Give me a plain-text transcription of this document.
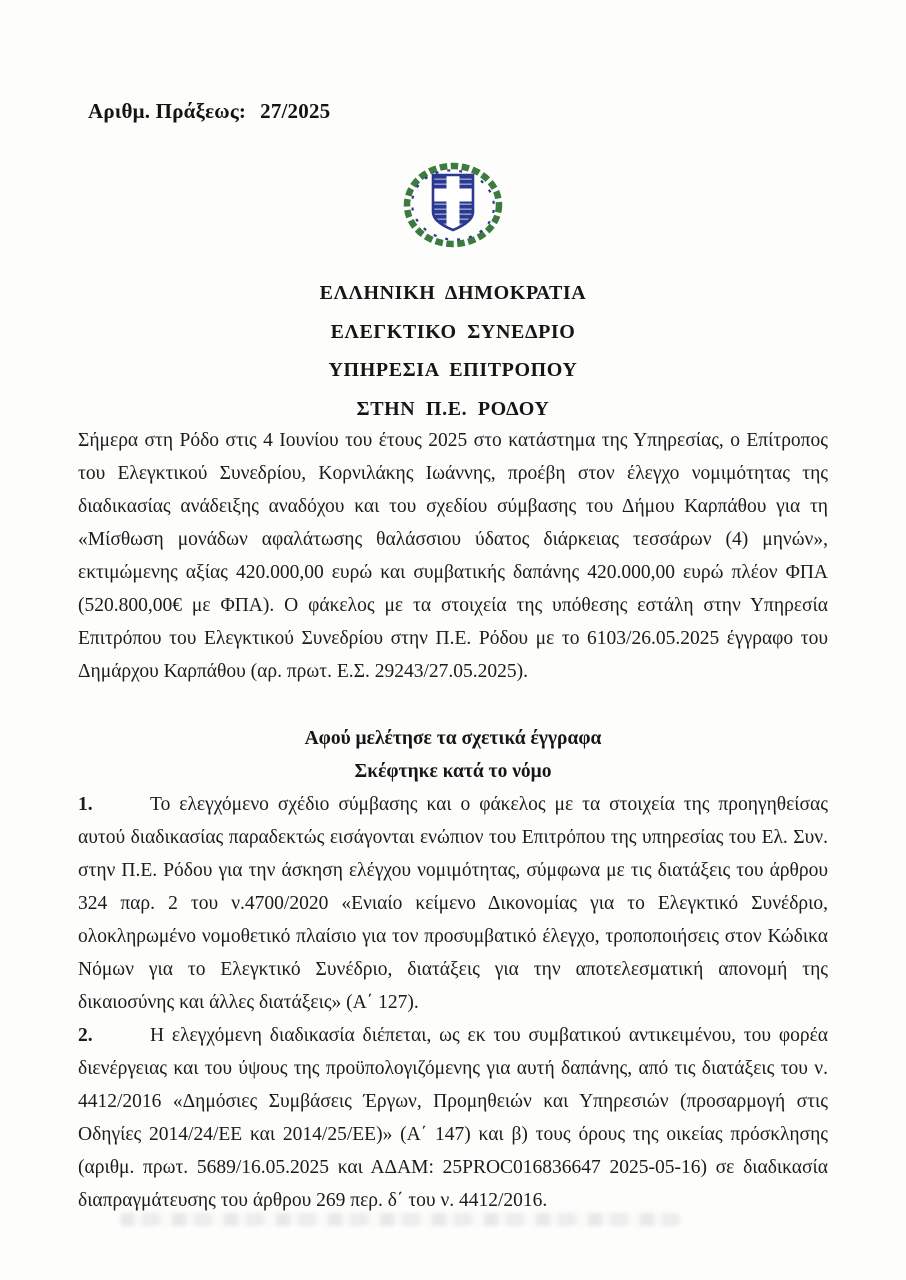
Αριθμ. Πράξεως: 27/2025
ΕΛΛΗΝΙΚΗ ΔΗΜΟΚΡΑΤΙΑ
ΕΛΕΓΚΤΙΚΟ ΣΥΝΕΔΡΙΟ
ΥΠΗΡΕΣΙΑ ΕΠΙΤΡΟΠΟΥ
ΣΤΗΝ Π.Ε. ΡΟΔΟΥ

Σήμερα στη Ρόδο στις 4 Ιουνίου του έτους 2025 στο κατάστημα της Υπηρεσίας, ο Επίτροπος του Ελεγκτικού Συνεδρίου, Κορνιλάκης Ιωάννης, προέβη στον έλεγχο νομιμότητας της διαδικασίας ανάδειξης αναδόχου και του σχεδίου σύμβασης του Δήμου Καρπάθου για τη «Μίσθωση μονάδων αφαλάτωσης θαλάσσιου ύδατος διάρκειας τεσσάρων (4) μηνών», εκτιμώμενης αξίας 420.000,00 ευρώ και συμβατικής δαπάνης 420.000,00 ευρώ πλέον ΦΠΑ (520.800,00€ με ΦΠΑ). Ο φάκελος με τα στοιχεία της υπόθεσης εστάλη στην Υπηρεσία Επιτρόπου του Ελεγκτικού Συνεδρίου στην Π.Ε. Ρόδου με το 6103/26.05.2025 έγγραφο του Δημάρχου Καρπάθου (αρ. πρωτ. Ε.Σ. 29243/27.05.2025).

Αφού μελέτησε τα σχετικά έγγραφα

Σκέφτηκε κατά το νόμο

1.	Το ελεγχόμενο σχέδιο σύμβασης και ο φάκελος με τα στοιχεία της προηγηθείσας αυτού διαδικασίας παραδεκτώς εισάγονται ενώπιον του Επιτρόπου της υπηρεσίας του Ελ. Συν. στην Π.Ε. Ρόδου για την άσκηση ελέγχου νομιμότητας, σύμφωνα με τις διατάξεις του άρθρου 324 παρ. 2 του ν.4700/2020 «Ενιαίο κείμενο Δικονομίας για το Ελεγκτικό Συνέδριο, ολοκληρωμένο νομοθετικό πλαίσιο για τον προσυμβατικό έλεγχο, τροποποιήσεις στον Κώδικα Νόμων για το Ελεγκτικό Συνέδριο, διατάξεις για την αποτελεσματική απονομή της δικαιοσύνης και άλλες διατάξεις» (Α΄ 127).

2.	Η ελεγχόμενη διαδικασία διέπεται, ως εκ του συμβατικού αντικειμένου, του φορέα διενέργειας και του ύψους της προϋπολογιζόμενης για αυτή δαπάνης, από τις διατάξεις του ν. 4412/2016 «Δημόσιες Συμβάσεις Έργων, Προμηθειών και Υπηρεσιών (προσαρμογή στις Οδηγίες 2014/24/ΕΕ και 2014/25/ΕΕ)» (Α΄ 147) και β) τους όρους της οικείας πρόσκλησης (αριθμ. πρωτ. 5689/16.05.2025 και ΑΔΑΜ: 25PROC016836647 2025-05-16) σε διαδικασία διαπραγμάτευσης του άρθρου 269 περ. δ΄ του ν. 4412/2016.
